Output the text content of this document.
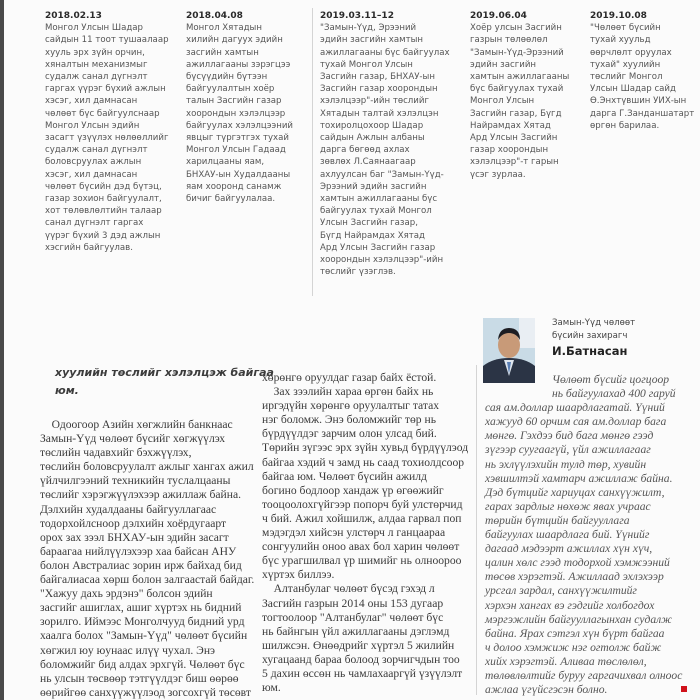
2018.02.13
Монгол Улсын Шадар
сайдын 11 тоот тушаалаар
хууль эрх зүйн орчин,
хяналтын механизмыг
судалж санал дүгнэлт
гаргах үүрэг бүхий ажлын
хэсэг, хил дамнасан
чөлөөт бүс байгуулснаар
Монгол Улсын эдийн
засагт үзүүлэх нөлөөллийг
судалж санал дүгнэлт
боловсруулах ажлын
хэсэг, хил дамнасан
чөлөөт бүсийн дэд бүтэц,
газар зохион байгуулалт,
хот төлөвлөлтийн талаар
санал дүгнэлт гаргах
үүрэг бүхий 3 дэд ажлын
хэсгийн байгуулав.
2018.04.08
Монгол Хятадын
хилийн дагуух эдийн
засгийн хамтын
ажиллагааны зэрэгцээ
бүсүүдийн бүтээн
байгуулалтын хоёр
талын Засгийн газар
хоорондын хэлэлцээр
байгуулах хэлэлцээний
явцыг түргэтгэх тухай
Монгол Улсын Гадаад
харилцааны яам,
БНХАУ-ын Худалдааны
яам хооронд санамж
бичиг байгуулалаа.
2019.03.11–12
"Замын-Үүд, Эрээний
эдийн засгийн хамтын
ажиллагааны бүс байгуулах
тухай Монгол Улсын
Засгийн газар, БНХАУ-ын
Засгийн газар хоорондын
хэлэлцээр"-ийн төслийг
Хятадын талтай хэлэлцэн
тохиролцохоор Шадар
сайдын Ажлын албаны
дарга бөгөөд ахлах
зөвлөх Л.Саянаагаар
ахлуулсан баг "Замын-Үүд-
Эрээний эдийн засгийн
хамтын ажиллагааны бүс
байгуулах тухай Монгол
Улсын Засгийн газар,
Бүгд Найрамдах Хятад
Ард Улсын Засгийн газар
хоорондын хэлэлцээр"-ийн
төслийг үзэглэв.
2019.06.04
Хоёр улсын Засгийн
газрын төлөөлөл
"Замын-Үүд-Эрээний
эдийн засгийн
хамтын ажиллагааны
бүс байгуулах тухай
Монгол Улсын
Засгийн газар, Бүгд
Найрамдах Хятад
Ард Улсын Засгийн
газар хоорондын
хэлэлцээр"-т гарын
үсэг зурлаа.
2019.10.08
"Чөлөөт бүсийн
тухай хуульд
өөрчлөлт оруулах
тухай" хуулийн
төслийг Монгол
Улсын Шадар сайд
Ө.Энхтүвшин УИХ-ын
дарга Г.Занданшатарт
өргөн барилаа.
хуулийн төслийг хэлэлцэж байгаа
юм.
Одоогоор Азийн хөгжлийн банкнаас
Замын-Үүд чөлөөт бүсийг хөгжүүлэх
төслийн чадавхийг бэхжүүлэх,
төслийн боловсруулалт ажлыг хангах ажил
үйлчилгээний техникийн туслалцааны
төслийг хэрэгжүүлэхээр ажиллаж байна.
Дэлхийн худалдааны байгууллагаас
тодорхойлсноор дэлхийн хоёрдугаарт
орох зах зээл БНХАУ-ын эдийн засагт
бараагаа нийлүүлэхээр хаа байсан АНУ
болон Австралиас зорин ирж байхад бид
байгалиасаа хөрш болон залгаастай байдаг.
"Хажуу дахь эрдэнэ" болсон эдийн
засгийг ашиглах, ашиг хүртэх нь бидний
зорилго. Иймээс Монголчууд бидний урд
хаалга болох "Замын-Үүд" чөлөөт бүсийн
хөгжил юу юунаас илүү чухал. Энэ
боломжийг бид алдах эрхгүй. Чөлөөт бүс
нь улсын төсвөөр тэтгүүлдэг биш өөрөө
өөрийгөө санхүүжүүлэод зогсохгүй төсөвт
хөрөнгө оруулдаг газар байх ёстой.
Зах зээлийн хараа өргөн байх нь
иргэдүйн хөрөнгө оруулалтыг татах
нэг боломж. Энэ боломжийг төр нь
бүрдүүлдэг зарчим олон улсад бий.
Төрийн зүгээс эрх зүйн хувьд бүрдүүлэод
байгаа хэдий ч замд нь саад тохиолдсоор
байгаа юм. Чөлөөт бүсийн ажилд
богино бодлоор хандаж үр өгөөжийг
тооцоолохгүйгээр попорч буй улстөрчид
ч бий. Ажил хойшилж, алдаа гарвал поп
мэдэгдэл хийсэн улстөрч л ганцаараа
сонгуулийн оноо авах бол харин чөлөөт
бүс урагшилвал үр шимийг нь олноороо
хүртэх биллээ.
Алтанбулаг чөлөөт бүсэд гэхэд л
Засгийн газрын 2014 оны 153 дугаар
тогтоолоор "Алтанбулаг" чөлөөт бүс
нь байнгын үйл ажиллагааны дэглэмд
шилжсэн. Өнөөдрийг хүртэл 5 жилийн
хугацаанд бараа болоод зорчигчдын тоо
5 дахин өссөн нь чамлахааргүй үзүүлэлт
юм.
Замын-Үүд чөлөөт
бүсийн захирагч
И.Батнасан
Чөлөөт бүсийг цогцоор
нь байгуулахад 400 гаруй
сая ам.доллар шаардлагатай. Үүний
хажууд 60 орчим сая ам.доллар бага
мөнгө. Гэхдээ бид бага мөнгө гээд
зүгээр суугаагүй, үйл ажиллагааг
нь эхлүүлэхийн тулд төр, хувийн
хэвшилтэй хамтарч ажиллаж байна.
Дэд бүтцийг хариуцах санхүүжилт,
гарах зардлыг нөхөж явах учраас
төрийн бүтцийн байгууллага
байгуулах шаардлага бий. Үүнийг
дагаад мэдээрт ажиллах хүн хүч,
цалин хөлс гээд тодорхой хэмжээний
төсөв хэрэгтэй. Ажиллаад эхлэхээр
урсгал зардал, санхүүжилтийг
хэрхэн хангах вэ гэдгийг холбогдох
мэргэжлийн байгууллагынхан судалж
байна. Ярах сэтгэл хүн бүрт байгаа
ч долоо хэмжиж нэг огтолж байж
хийх хэрэгтэй. Аливаа төслөлөл,
төлөвлөлтийг буруу гаргачихвал олноос
ажлаа үгүйсгэсэн болно.
